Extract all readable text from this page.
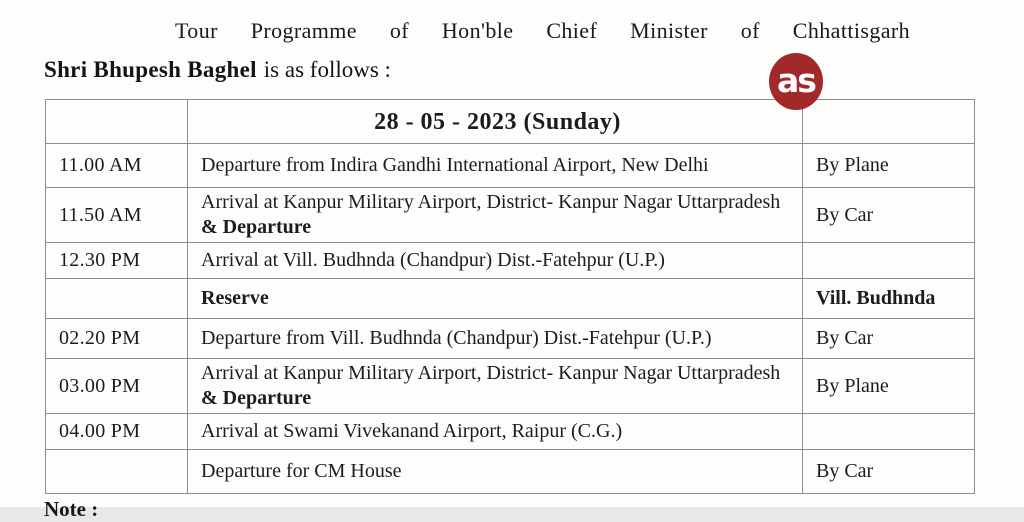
Tour Programme of Hon'ble Chief Minister of Chhattisgarh
Shri Bhupesh Baghel is as follows :	as
	28 - 05 - 2023 (Sunday)	
11.00 AM	Departure from Indira Gandhi International Airport, New Delhi	By Plane
11.50 AM	Arrival at Kanpur Military Airport, District- Kanpur Nagar Uttarpradesh & Departure	By Car
12.30 PM	Arrival at Vill. Budhnda (Chandpur) Dist.-Fatehpur (U.P.)	
	Reserve	Vill. Budhnda
02.20 PM	Departure from Vill. Budhnda (Chandpur) Dist.-Fatehpur (U.P.)	By Car
03.00 PM	Arrival at Kanpur Military Airport, District- Kanpur Nagar Uttarpradesh & Departure	By Plane
04.00 PM	Arrival at Swami Vivekanand Airport, Raipur (C.G.)	
	Departure for CM House	By Car
Note :
